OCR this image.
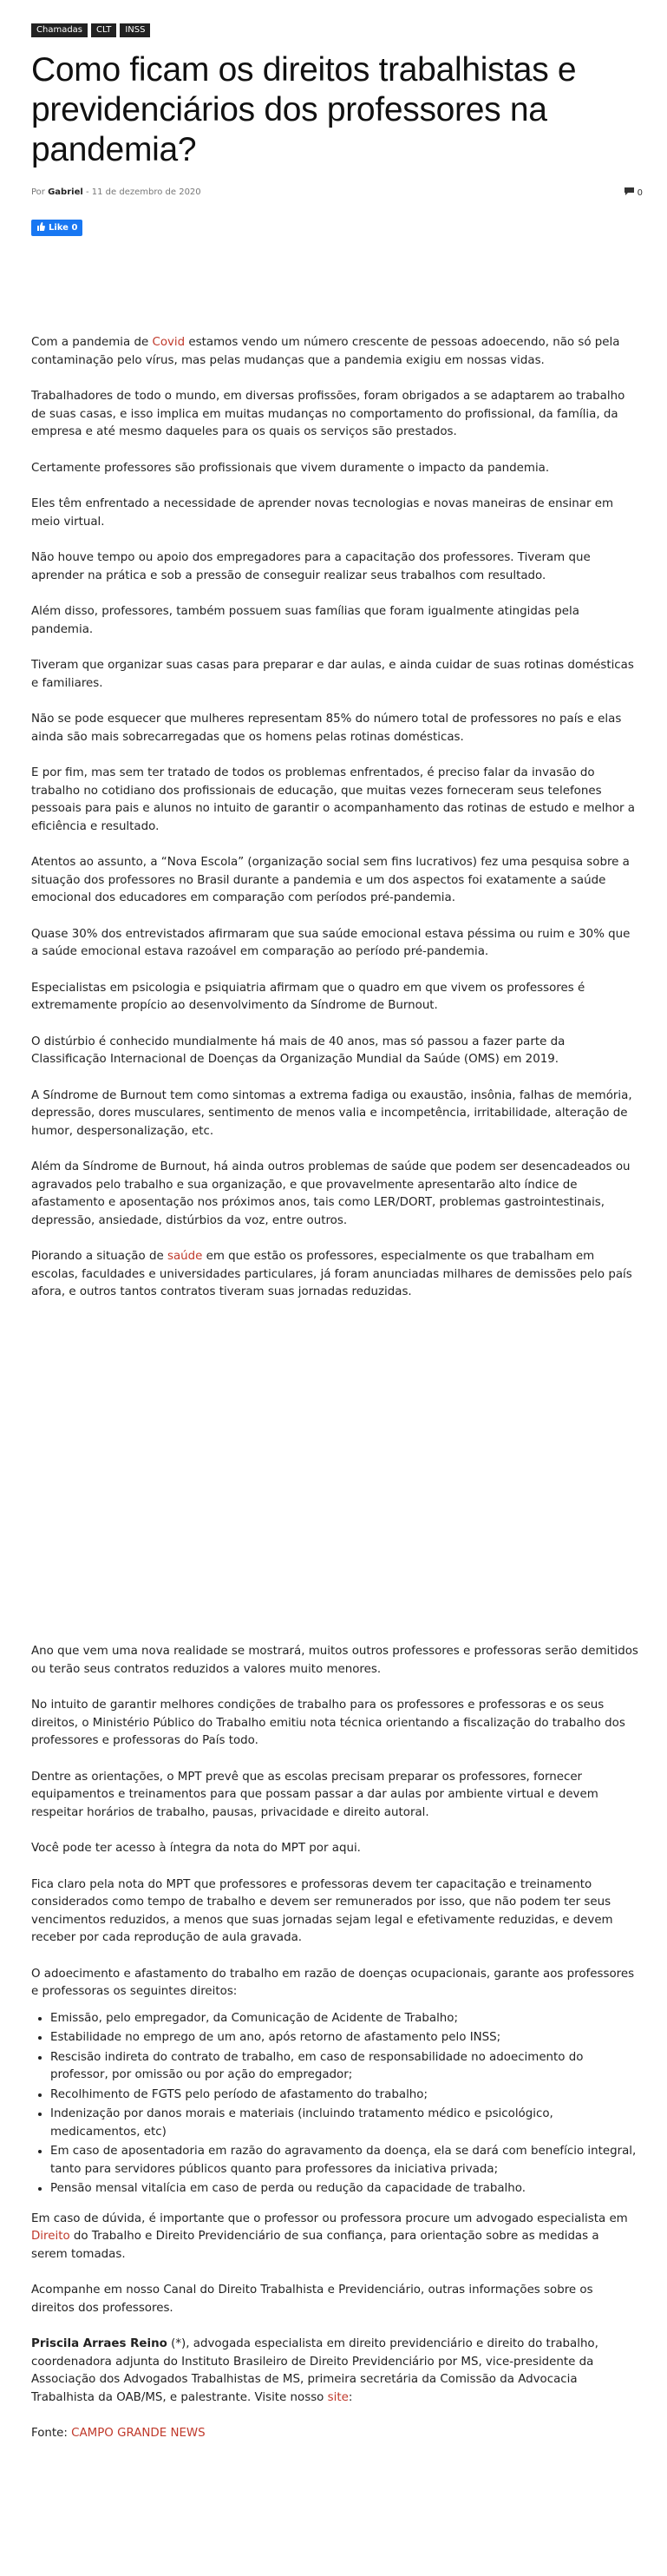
Chamadas	CLT	INSS
Como ficam os direitos trabalhistas e previdenciários dos professores na pandemia?
Por Gabriel - 11 de dezembro de 2020	0
Like 0

Com a pandemia de Covid estamos vendo um número crescente de pessoas adoecendo, não só pela contaminação pelo vírus, mas pelas mudanças que a pandemia exigiu em nossas vidas.

Trabalhadores de todo o mundo, em diversas profissões, foram obrigados a se adaptarem ao trabalho de suas casas, e isso implica em muitas mudanças no comportamento do profissional, da família, da empresa e até mesmo daqueles para os quais os serviços são prestados.

Certamente professores são profissionais que vivem duramente o impacto da pandemia.

Eles têm enfrentado a necessidade de aprender novas tecnologias e novas maneiras de ensinar em meio virtual.

Não houve tempo ou apoio dos empregadores para a capacitação dos professores. Tiveram que aprender na prática e sob a pressão de conseguir realizar seus trabalhos com resultado.

Além disso, professores, também possuem suas famílias que foram igualmente atingidas pela pandemia.

Tiveram que organizar suas casas para preparar e dar aulas, e ainda cuidar de suas rotinas domésticas e familiares.

Não se pode esquecer que mulheres representam 85% do número total de professores no país e elas ainda são mais sobrecarregadas que os homens pelas rotinas domésticas.

E por fim, mas sem ter tratado de todos os problemas enfrentados, é preciso falar da invasão do trabalho no cotidiano dos profissionais de educação, que muitas vezes forneceram seus telefones pessoais para pais e alunos no intuito de garantir o acompanhamento das rotinas de estudo e melhor a eficiência e resultado.

Atentos ao assunto, a “Nova Escola” (organização social sem fins lucrativos) fez uma pesquisa sobre a situação dos professores no Brasil durante a pandemia e um dos aspectos foi exatamente a saúde emocional dos educadores em comparação com períodos pré-pandemia.

Quase 30% dos entrevistados afirmaram que sua saúde emocional estava péssima ou ruim e 30% que a saúde emocional estava razoável em comparação ao período pré-pandemia.

Especialistas em psicologia e psiquiatria afirmam que o quadro em que vivem os professores é extremamente propício ao desenvolvimento da Síndrome de Burnout.

O distúrbio é conhecido mundialmente há mais de 40 anos, mas só passou a fazer parte da Classificação Internacional de Doenças da Organização Mundial da Saúde (OMS) em 2019.

A Síndrome de Burnout tem como sintomas a extrema fadiga ou exaustão, insônia, falhas de memória, depressão, dores musculares, sentimento de menos valia e incompetência, irritabilidade, alteração de humor, despersonalização, etc.

Além da Síndrome de Burnout, há ainda outros problemas de saúde que podem ser desencadeados ou agravados pelo trabalho e sua organização, e que provavelmente apresentarão alto índice de afastamento e aposentação nos próximos anos, tais como LER/DORT, problemas gastrointestinais, depressão, ansiedade, distúrbios da voz, entre outros.

Piorando a situação de saúde em que estão os professores, especialmente os que trabalham em escolas, faculdades e universidades particulares, já foram anunciadas milhares de demissões pelo país afora, e outros tantos contratos tiveram suas jornadas reduzidas.

Ano que vem uma nova realidade se mostrará, muitos outros professores e professoras serão demitidos ou terão seus contratos reduzidos a valores muito menores.

No intuito de garantir melhores condições de trabalho para os professores e professoras e os seus direitos, o Ministério Público do Trabalho emitiu nota técnica orientando a fiscalização do trabalho dos professores e professoras do País todo.

Dentre as orientações, o MPT prevê que as escolas precisam preparar os professores, fornecer equipamentos e treinamentos para que possam passar a dar aulas por ambiente virtual e devem respeitar horários de trabalho, pausas, privacidade e direito autoral.

Você pode ter acesso à íntegra da nota do MPT por aqui.

Fica claro pela nota do MPT que professores e professoras devem ter capacitação e treinamento considerados como tempo de trabalho e devem ser remunerados por isso, que não podem ter seus vencimentos reduzidos, a menos que suas jornadas sejam legal e efetivamente reduzidas, e devem receber por cada reprodução de aula gravada.

O adoecimento e afastamento do trabalho em razão de doenças ocupacionais, garante aos professores e professoras os seguintes direitos:

• Emissão, pelo empregador, da Comunicação de Acidente de Trabalho;
• Estabilidade no emprego de um ano, após retorno de afastamento pelo INSS;
• Rescisão indireta do contrato de trabalho, em caso de responsabilidade no adoecimento do professor, por omissão ou por ação do empregador;
• Recolhimento de FGTS pelo período de afastamento do trabalho;
• Indenização por danos morais e materiais (incluindo tratamento médico e psicológico, medicamentos, etc)
• Em caso de aposentadoria em razão do agravamento da doença, ela se dará com benefício integral, tanto para servidores públicos quanto para professores da iniciativa privada;
• Pensão mensal vitalícia em caso de perda ou redução da capacidade de trabalho.

Em caso de dúvida, é importante que o professor ou professora procure um advogado especialista em Direito do Trabalho e Direito Previdenciário de sua confiança, para orientação sobre as medidas a serem tomadas.

Acompanhe em nosso Canal do Direito Trabalhista e Previdenciário, outras informações sobre os direitos dos professores.

Priscila Arraes Reino (*), advogada especialista em direito previdenciário e direito do trabalho, coordenadora adjunta do Instituto Brasileiro de Direito Previdenciário por MS, vice-presidente da Associação dos Advogados Trabalhistas de MS, primeira secretária da Comissão da Advocacia Trabalhista da OAB/MS, e palestrante. Visite nosso site:

Fonte: CAMPO GRANDE NEWS
